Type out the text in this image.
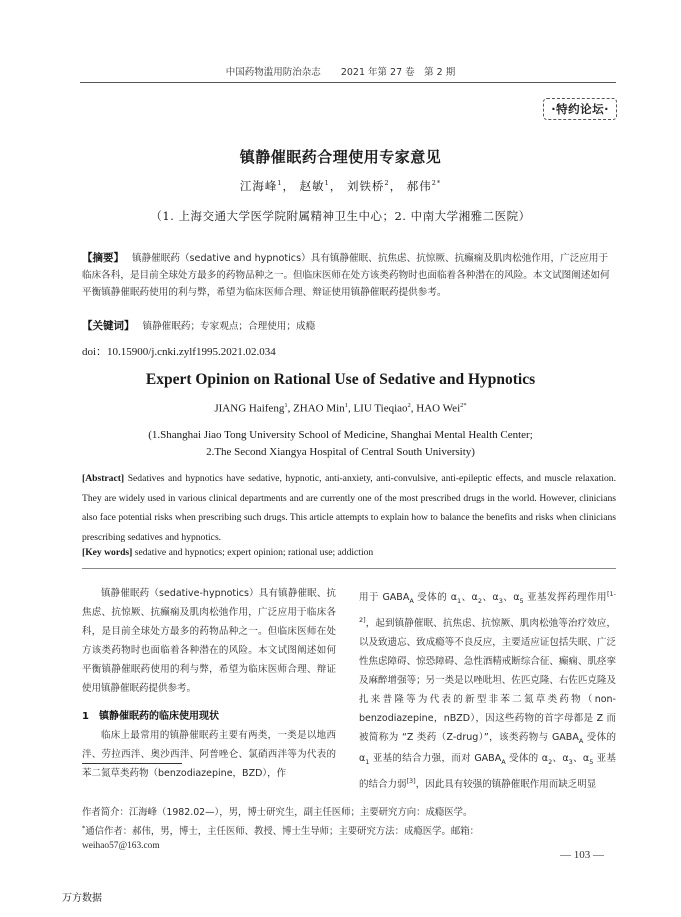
中国药物滥用防治杂志 2021 年第 27 卷　第 2 期
·特约论坛·
镇静催眠药合理使用专家意见
江海峰$^1$， 赵敏$^1$， 刘铁桥$^2$， 郝伟$^{2*}$
（1. 上海交通大学医学院附属精神卫生中心；2. 中南大学湘雅二医院）
【摘要】 镇静催眠药（sedative and hypnotics）具有镇静催眠、抗焦虑、抗惊厥、抗癫痫及肌肉松弛作用，广泛应用于临床各科，是目前全球处方最多的药物品种之一。但临床医师在处方该类药物时也面临着各种潜在的风险。本文试图阐述如何平衡镇静催眠药使用的利与弊，希望为临床医师合理、辩证使用镇静催眠药提供参考。
【关键词】 镇静催眠药；专家观点；合理使用；成瘾
doi：10.15900/j.cnki.zylf1995.2021.02.034
Expert Opinion on Rational Use of Sedative and Hypnotics
JIANG Haifeng$^1$, ZHAO Min$^1$, LIU Tieqiao$^2$, HAO Wei$^{2*}$
(1.Shanghai Jiao Tong University School of Medicine, Shanghai Mental Health Center;
2.The Second Xiangya Hospital of Central South University)
[Abstract] Sedatives and hypnotics have sedative, hypnotic, anti-anxiety, anti-convulsive, anti-epileptic effects, and muscle relaxation. They are widely used in various clinical departments and are currently one of the most prescribed drugs in the world. However, clinicians also face potential risks when prescribing such drugs. This article attempts to explain how to balance the benefits and risks when clinicians prescribing sedatives and hypnotics.
[Key words] sedative and hypnotics; expert opinion; rational use; addiction
镇静催眠药（sedative-hypnotics）具有镇静催眠、抗焦虑、抗惊厥、抗癫痫及肌肉松弛作用，广泛应用于临床各科，是目前全球处方最多的药物品种之一。但临床医师在处方该类药物时也面临着各种潜在的风险。本文试图阐述如何平衡镇静催眠药使用的利与弊，希望为临床医师合理、辩证使用镇静催眠药提供参考。
1　镇静催眠药的临床使用现状
临床上最常用的镇静催眠药主要有两类，一类是以地西泮、劳拉西泮、奥沙西泮、阿普唑仑、氯硝西泮等为代表的苯二氮草类药物（benzodiazepine，BZD），作
用于 $GABA_A$ 受体的 $\alpha_1$、$\alpha_2$、$\alpha_3$、$\alpha_5$ 亚基发挥药理作用[1-2]，起到镇静催眠、抗焦虑、抗惊厥、肌肉松弛等治疗效应，以及致遗忘、致成瘾等不良反应，主要适应证包括失眠、广泛性焦虑障碍、惊恐障碍、急性酒精戒断综合征、癫痫、肌痉挛及麻醉增强等；另一类是以唑吡坦、佐匹克隆、右佐匹克隆及扎来普隆等为代表的新型非苯二氮草类药物（non-benzodiazepine，nBZD），因这些药物的首字母都是 Z 而被简称为 “Z 类药（Z-drug）”，该类药物与 $GABA_A$ 受体的 $\alpha_1$ 亚基的结合力强，而对 $GABA_A$ 受体的 $\alpha_2$、$\alpha_3$、$\alpha_5$ 亚基的结合力弱[3]，因此具有较强的镇静催眠作用而缺乏明显
作者简介：江海峰（1982.02—），男，博士研究生，副主任医师；主要研究方向：成瘾医学。
*通信作者：郝伟，男，博士，主任医师、教授、博士生导师；主要研究方法：成瘾医学。邮箱：
weihao57@163.com
— 103 —
万方数据
